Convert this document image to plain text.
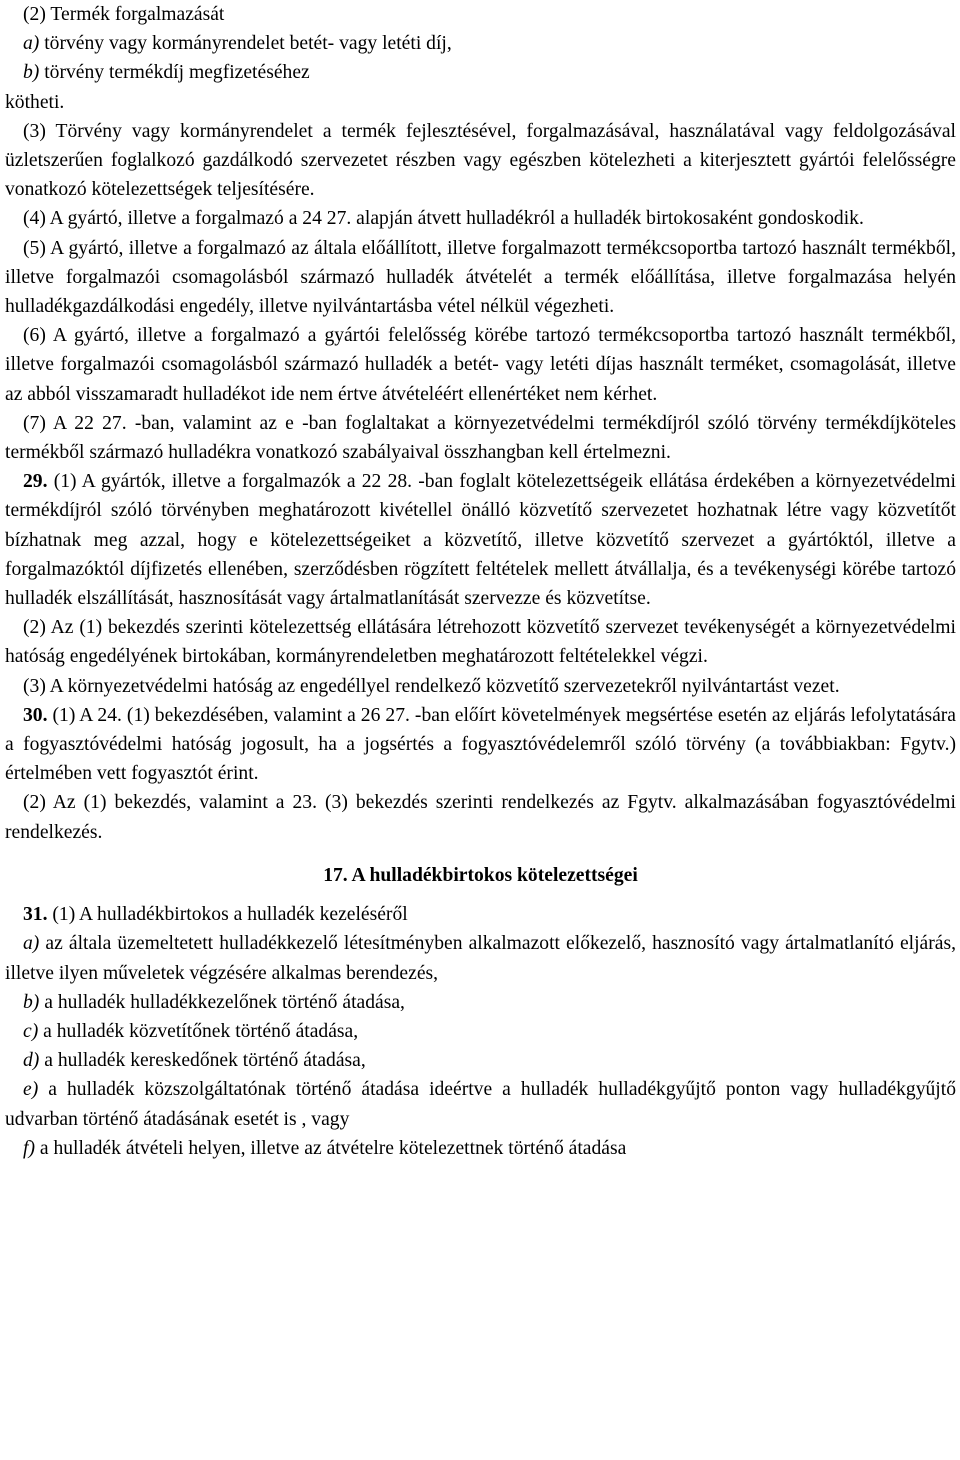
(2) Termék forgalmazását

a) törvény vagy kormányrendelet betét- vagy letéti díj,

b) törvény termékdíj megfizetéséhez

kötheti.

(3) Törvény vagy kormányrendelet a termék fejlesztésével, forgalmazásával, használatával vagy feldolgozásával üzletszerűen foglalkozó gazdálkodó szervezetet részben vagy egészben kötelezheti a kiterjesztett gyártói felelősségre vonatkozó kötelezettségek teljesítésére.

(4) A gyártó, illetve a forgalmazó a 24 27. alapján átvett hulladékról a hulladék birtokosaként gondoskodik.

(5) A gyártó, illetve a forgalmazó az általa előállított, illetve forgalmazott termékcsoportba tartozó használt termékből, illetve forgalmazói csomagolásból származó hulladék átvételét a termék előállítása, illetve forgalmazása helyén hulladékgazdálkodási engedély, illetve nyilvántartásba vétel nélkül végezheti.

(6) A gyártó, illetve a forgalmazó a gyártói felelősség körébe tartozó termékcsoportba tartozó használt termékből, illetve forgalmazói csomagolásból származó hulladék a betét- vagy letéti díjas használt terméket, csomagolását, illetve az abból visszamaradt hulladékot ide nem értve átvételéért ellenértéket nem kérhet.

(7) A 22 27. -ban, valamint az e -ban foglaltakat a környezetvédelmi termékdíjról szóló törvény termékdíjköteles termékből származó hulladékra vonatkozó szabályaival összhangban kell értelmezni.

29. (1) A gyártók, illetve a forgalmazók a 22 28. -ban foglalt kötelezettségeik ellátása érdekében a környezetvédelmi termékdíjról szóló törvényben meghatározott kivétellel önálló közvetítő szervezetet hozhatnak létre vagy közvetítőt bízhatnak meg azzal, hogy e kötelezettségeiket a közvetítő, illetve közvetítő szervezet a gyártóktól, illetve a forgalmazóktól díjfizetés ellenében, szerződésben rögzített feltételek mellett átvállalja, és a tevékenységi körébe tartozó hulladék elszállítását, hasznosítását vagy ártalmatlanítását szervezze és közvetítse.

(2) Az (1) bekezdés szerinti kötelezettség ellátására létrehozott közvetítő szervezet tevékenységét a környezetvédelmi hatóság engedélyének birtokában, kormányrendeletben meghatározott feltételekkel végzi.

(3) A környezetvédelmi hatóság az engedéllyel rendelkező közvetítő szervezetekről nyilvántartást vezet.

30. (1) A 24. (1) bekezdésében, valamint a 26 27. -ban előírt követelmények megsértése esetén az eljárás lefolytatására a fogyasztóvédelmi hatóság jogosult, ha a jogsértés a fogyasztóvédelemről szóló törvény (a továbbiakban: Fgytv.) értelmében vett fogyasztót érint.

(2) Az (1) bekezdés, valamint a 23. (3) bekezdés szerinti rendelkezés az Fgytv. alkalmazásában fogyasztóvédelmi rendelkezés.

17. A hulladékbirtokos kötelezettségei

31. (1) A hulladékbirtokos a hulladék kezeléséről

a) az általa üzemeltetett hulladékkezelő létesítményben alkalmazott előkezelő, hasznosító vagy ártalmatlanító eljárás, illetve ilyen műveletek végzésére alkalmas berendezés,

b) a hulladék hulladékkezelőnek történő átadása,

c) a hulladék közvetítőnek történő átadása,

d) a hulladék kereskedőnek történő átadása,

e) a hulladék közszolgáltatónak történő átadása ideértve a hulladék hulladékgyűjtő ponton vagy hulladékgyűjtő udvarban történő átadásának esetét is , vagy

f) a hulladék átvételi helyen, illetve az átvételre kötelezettnek történő átadása
